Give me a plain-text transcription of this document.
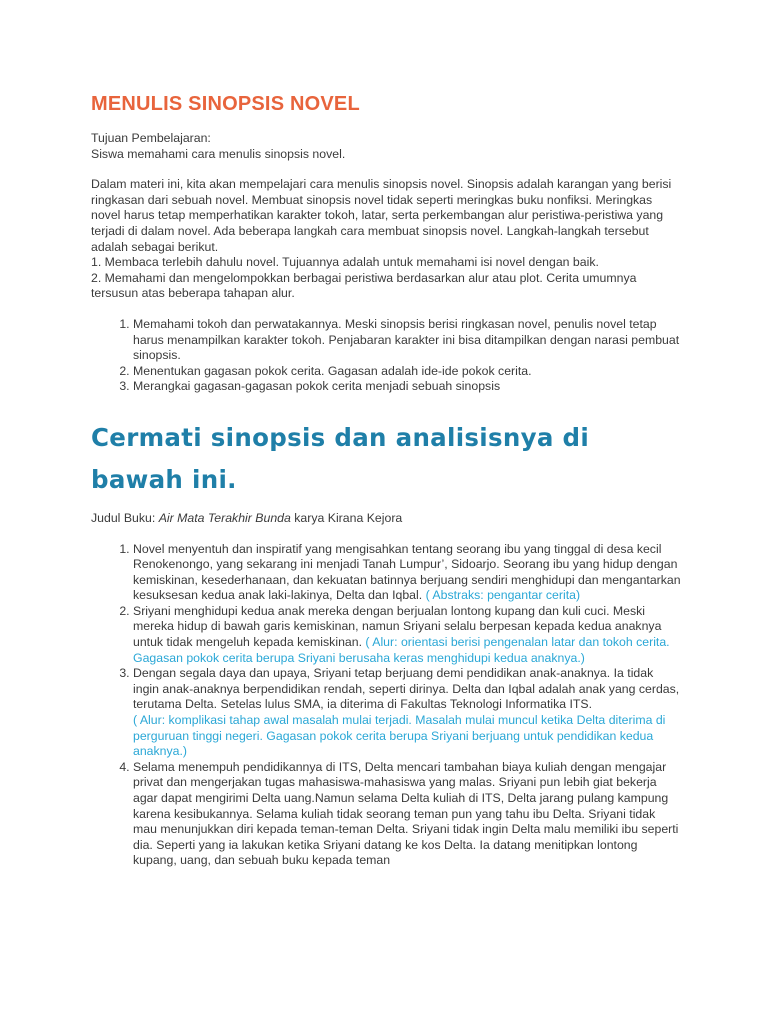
MENULIS SINOPSIS NOVEL

Tujuan Pembelajaran:

Siswa memahami cara menulis sinopsis novel.

Dalam materi ini, kita akan mempelajari cara menulis sinopsis novel. Sinopsis adalah karangan yang berisi ringkasan dari sebuah novel. Membuat sinopsis novel tidak seperti meringkas buku nonfiksi. Meringkas novel harus tetap memperhatikan karakter tokoh, latar, serta perkembangan alur peristiwa-peristiwa yang terjadi di dalam novel. Ada beberapa langkah cara membuat sinopsis novel. Langkah-langkah tersebut adalah sebagai berikut.

1. Membaca terlebih dahulu novel. Tujuannya adalah untuk memahami isi novel dengan baik.

2. Memahami dan mengelompokkan berbagai peristiwa berdasarkan alur atau plot. Cerita umumnya tersusun atas beberapa tahapan alur.

1. Memahami tokoh dan perwatakannya. Meski sinopsis berisi ringkasan novel, penulis novel tetap harus menampilkan karakter tokoh. Penjabaran karakter ini bisa ditampilkan dengan narasi pembuat sinopsis.
2. Menentukan gagasan pokok cerita. Gagasan adalah ide-ide pokok cerita.
3. Merangkai gagasan-gagasan pokok cerita menjadi sebuah sinopsis
Cermati sinopsis dan analisisnya di bawah ini.

Judul Buku: Air Mata Terakhir Bunda karya Kirana Kejora

1. Novel menyentuh dan inspiratif yang mengisahkan tentang seorang ibu yang tinggal di desa kecil Renokenongo, yang sekarang ini menjadi Tanah Lumpur’, Sidoarjo. Seorang ibu yang hidup dengan kemiskinan, kesederhanaan, dan kekuatan batinnya berjuang sendiri menghidupi dan mengantarkan kesuksesan kedua anak laki-lakinya, Delta dan Iqbal. ( Abstraks: pengantar cerita)
2. Sriyani menghidupi kedua anak mereka dengan berjualan lontong kupang dan kuli cuci. Meski mereka hidup di bawah garis kemiskinan, namun Sriyani selalu berpesan kepada kedua anaknya untuk tidak mengeluh kepada kemiskinan. ( Alur: orientasi berisi pengenalan latar dan tokoh cerita. Gagasan pokok cerita berupa Sriyani berusaha keras menghidupi kedua anaknya.)
3. Dengan segala daya dan upaya, Sriyani tetap berjuang demi pendidikan anak-anaknya. Ia tidak ingin anak-anaknya berpendidikan rendah, seperti dirinya. Delta dan Iqbal adalah anak yang cerdas, terutama Delta. Setelas lulus SMA, ia diterima di Fakultas Teknologi Informatika ITS.
( Alur: komplikasi tahap awal masalah mulai terjadi. Masalah mulai muncul ketika Delta diterima di perguruan tinggi negeri. Gagasan pokok cerita berupa Sriyani berjuang untuk pendidikan kedua anaknya.)
4. Selama menempuh pendidikannya di ITS, Delta mencari tambahan biaya kuliah dengan mengajar privat dan mengerjakan tugas mahasiswa-mahasiswa yang malas. Sriyani pun lebih giat bekerja agar dapat mengirimi Delta uang.Namun selama Delta kuliah di ITS, Delta jarang pulang kampung karena kesibukannya. Selama kuliah tidak seorang teman pun yang tahu ibu Delta. Sriyani tidak mau menunjukkan diri kepada teman-teman Delta. Sriyani tidak ingin Delta malu memiliki ibu seperti dia. Seperti yang ia lakukan ketika Sriyani datang ke kos Delta. Ia datang menitipkan lontong kupang, uang, dan sebuah buku kepada teman
